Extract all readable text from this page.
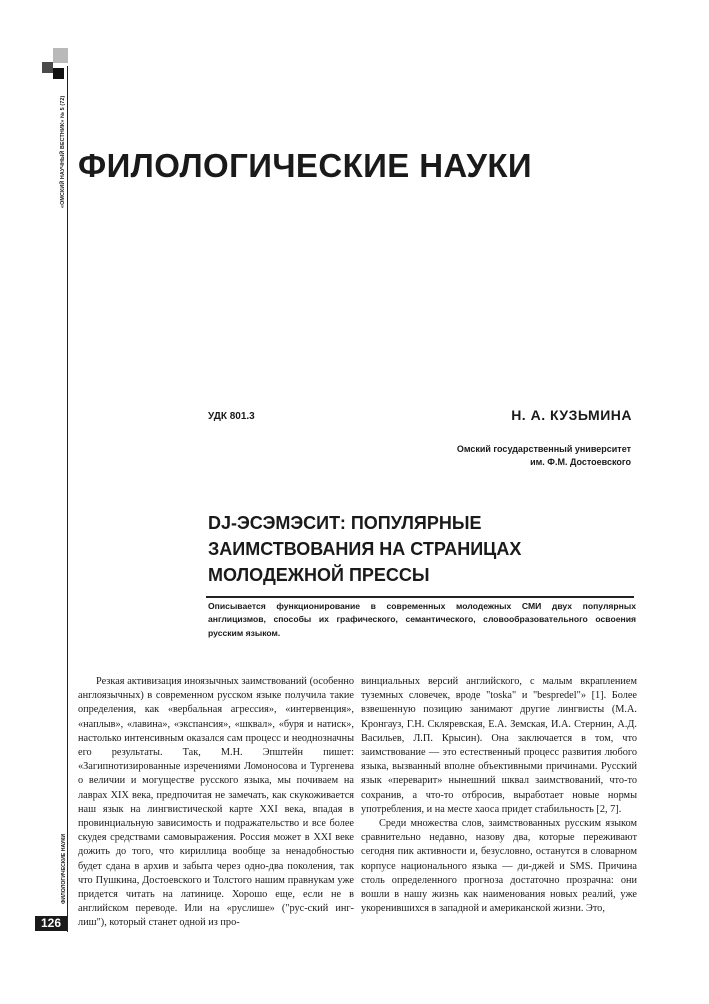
«ОМСКИЙ НАУЧНЫЙ ВЕСТНИК» № 5 (72)
ФИЛОЛОГИЧЕСКИЕ НАУКИ
126
ФИЛОЛОГИЧЕСКИЕ НАУКИ
УДК 801.3	Н. А. КУЗЬМИНА
Омский государственный университет
им. Ф.М. Достоевского
DJ-ЭСЭМЭСИТ: ПОПУЛЯРНЫЕ ЗАИМСТВОВАНИЯ НА СТРАНИЦАХ МОЛОДЕЖНОЙ ПРЕССЫ

Описывается функционирование в современных молодежных СМИ двух популярных англицизмов, способы их графического, семантического, словообразовательного освоения русским языком.

Резкая активизация иноязычных заимствований (особенно англоязычных) в современном русском языке получила такие определения, как «вербальная агрессия», «интервенция», «наплыв», «лавина», «экспансия», «шквал», «буря и натиск», настолько интенсивным оказался сам процесс и неоднозначны его результаты. Так, М.Н. Эпштейн пишет: «Загипнотизированные изречениями Ломоносова и Тургенева о величии и могуществе русского языка, мы почиваем на лаврах XIX века, предпочитая не замечать, как скукоживается наш язык на лингвистической карте XXI века, впадая в провинциальную зависимость и подражательство и все более скудея средствами самовыражения. Россия может в XXI веке дожить до того, что кириллица вообще за ненадобностью будет сдана в архив и забыта через одно-два поколения, так что Пушкина, Достоевского и Толстого нашим правнукам уже придется читать на латинице. Хорошо еще, если не в английском переводе. Или на «руслише» ("рус-ский инг-лиш"), который станет одной из про-

винциальных версий английского, с малым вкраплением туземных словечек, вроде "toska" и "bespredel"» [1]. Более взвешенную позицию занимают другие лингвисты (М.А. Кронгауз, Г.Н. Скляревская, Е.А. Земская, И.А. Стернин, А.Д. Васильев, Л.П. Крысин). Она заключается в том, что заимствование — это естественный процесс развития любого языка, вызванный вполне объективными причинами. Русский язык «переварит» нынешний шквал заимствований, что-то сохранив, а что-то отбросив, выработает новые нормы употребления, и на месте хаоса придет стабильность [2, 7].

Среди множества слов, заимствованных русским языком сравнительно недавно, назову два, которые переживают сегодня пик активности и, безусловно, останутся в словарном корпусе национального языка — ди-джей и SMS. Причина столь определенного прогноза достаточно прозрачна: они вошли в нашу жизнь как наименования новых реалий, уже укоренившихся в западной и американской жизни. Это,
